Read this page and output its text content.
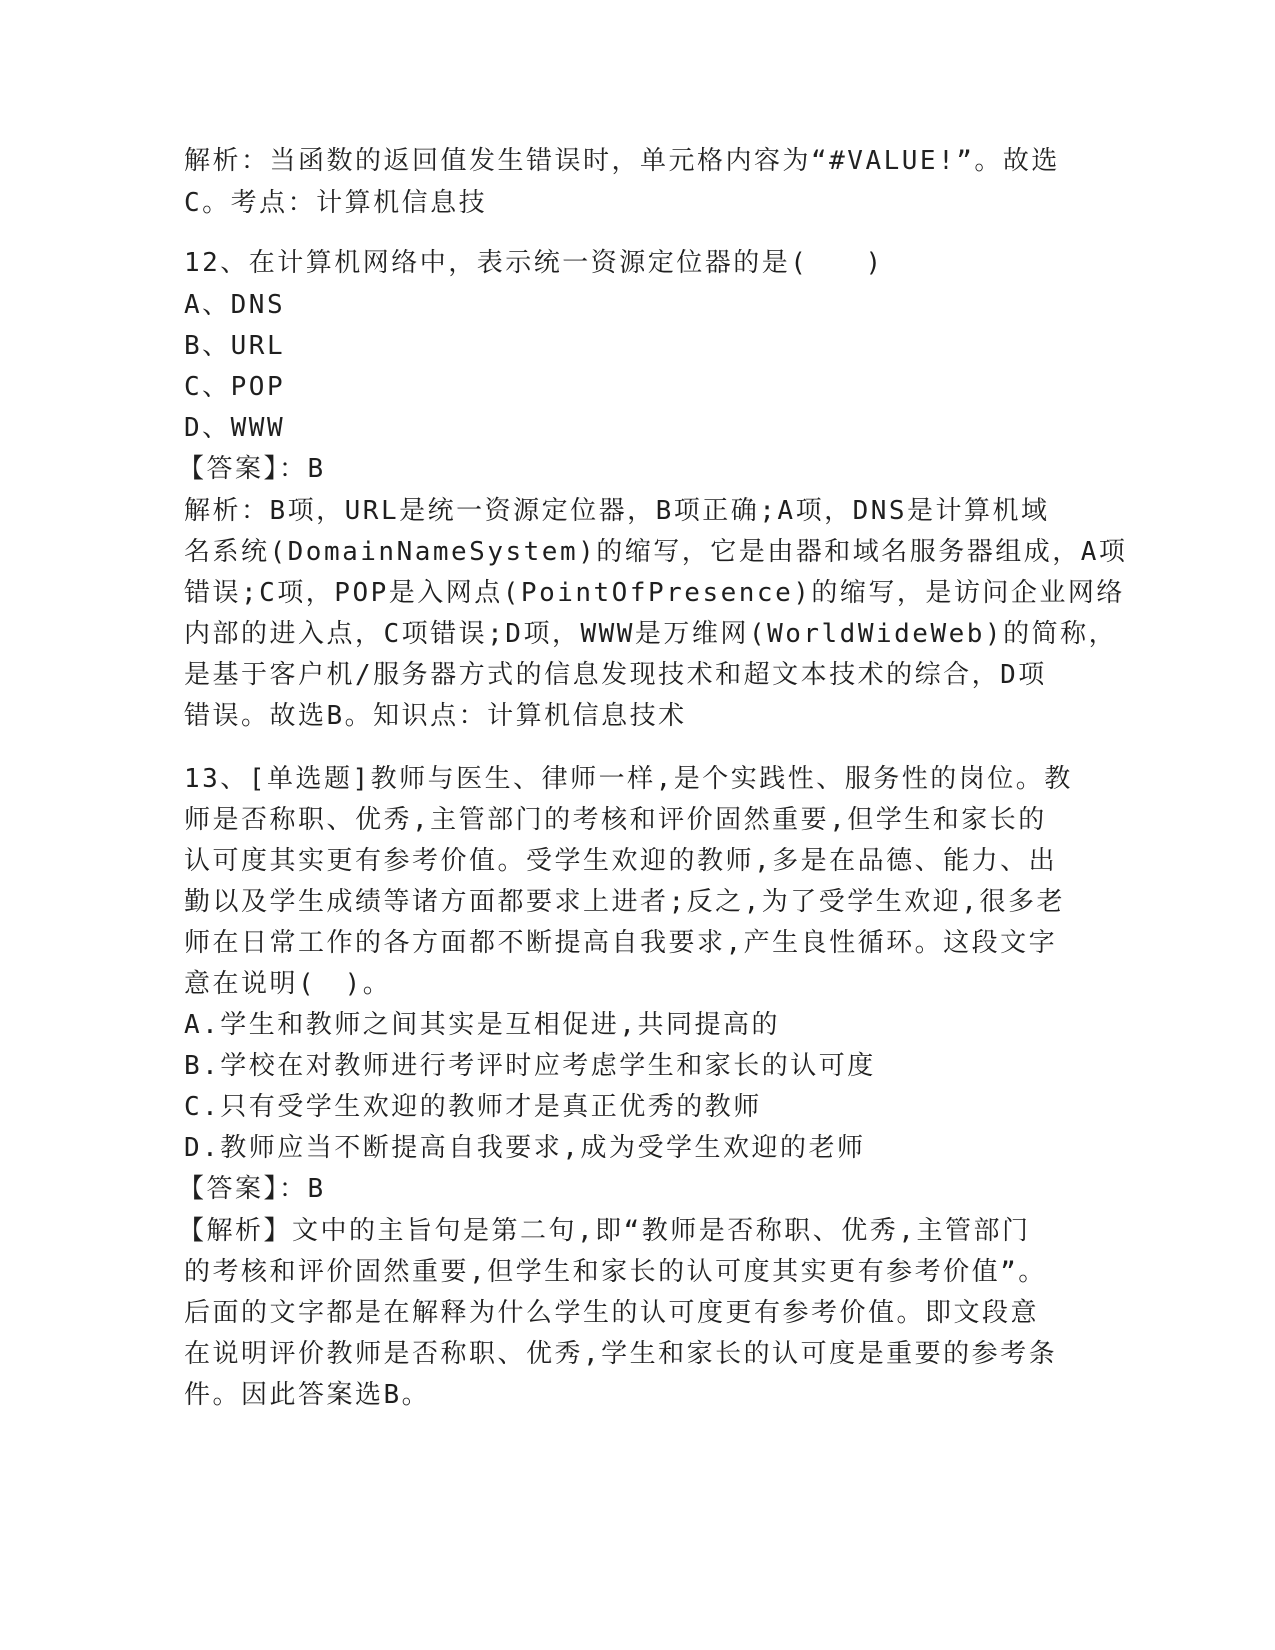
解析：当函数的返回值发生错误时，单元格内容为“#VALUE!”。故选
C。考点：计算机信息技
12、在计算机网络中，表示统一资源定位器的是(　　)
A、DNS
B、URL
C、POP
D、WWW
【答案】：B
解析：B项，URL是统一资源定位器，B项正确;A项，DNS是计算机域
名系统(DomainNameSystem)的缩写，它是由器和域名服务器组成，A项
错误;C项，POP是入网点(PointOfPresence)的缩写，是访问企业网络
内部的进入点，C项错误;D项，WWW是万维网(WorldWideWeb)的简称，
是基于客户机/服务器方式的信息发现技术和超文本技术的综合，D项
错误。故选B。知识点：计算机信息技术
13、[单选题]教师与医生、律师一样,是个实践性、服务性的岗位。教
师是否称职、优秀,主管部门的考核和评价固然重要,但学生和家长的
认可度其实更有参考价值。受学生欢迎的教师,多是在品德、能力、出
勤以及学生成绩等诸方面都要求上进者;反之,为了受学生欢迎,很多老
师在日常工作的各方面都不断提高自我要求,产生良性循环。这段文字
意在说明(　)。
A.学生和教师之间其实是互相促进,共同提高的
B.学校在对教师进行考评时应考虑学生和家长的认可度
C.只有受学生欢迎的教师才是真正优秀的教师
D.教师应当不断提高自我要求,成为受学生欢迎的老师
【答案】：B
【解析】文中的主旨句是第二句,即“教师是否称职、优秀,主管部门
的考核和评价固然重要,但学生和家长的认可度其实更有参考价值”。
后面的文字都是在解释为什么学生的认可度更有参考价值。即文段意
在说明评价教师是否称职、优秀,学生和家长的认可度是重要的参考条
件。因此答案选B。
